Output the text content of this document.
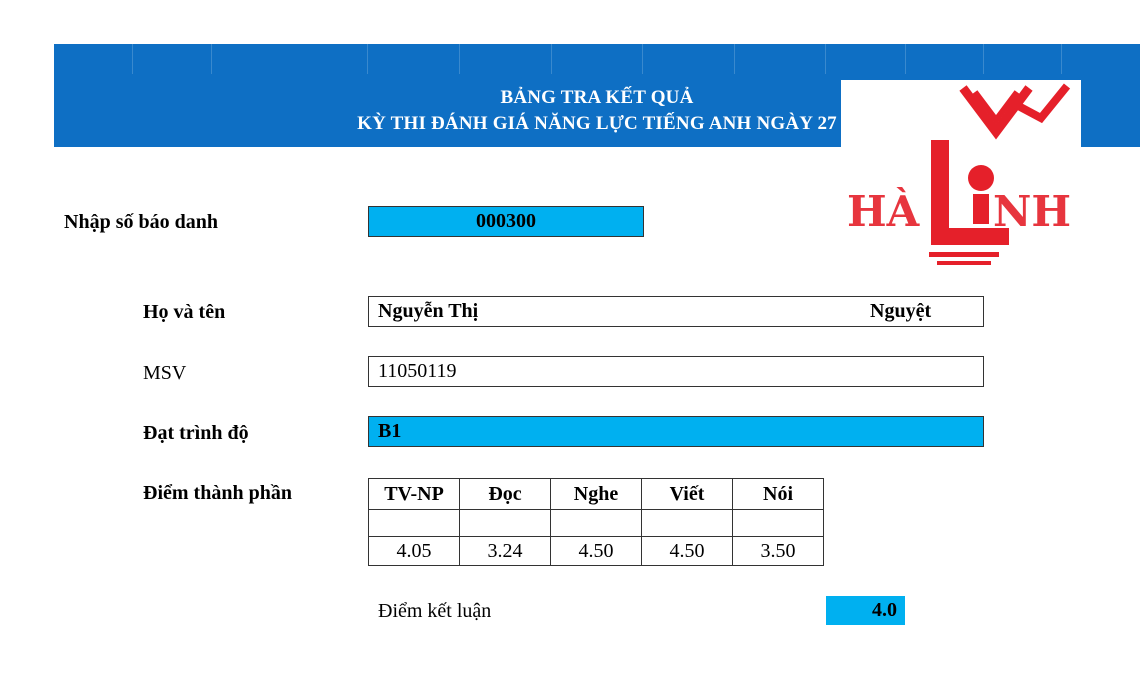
BẢNG TRA KẾT QUẢ
KỲ THI ĐÁNH GIÁ NĂNG LỰC TIẾNG ANH NGÀY 27
HÀ NH
Nhập số báo danh	000300
Họ và tên	Nguyễn Thị	Nguyệt
MSV	11050119
Đạt trình độ	B1
Điểm thành phần	TV-NP	Đọc	Nghe	Viết	Nói

4.05	3.24	4.50	4.50	3.50
Điểm kết luận	4.0
